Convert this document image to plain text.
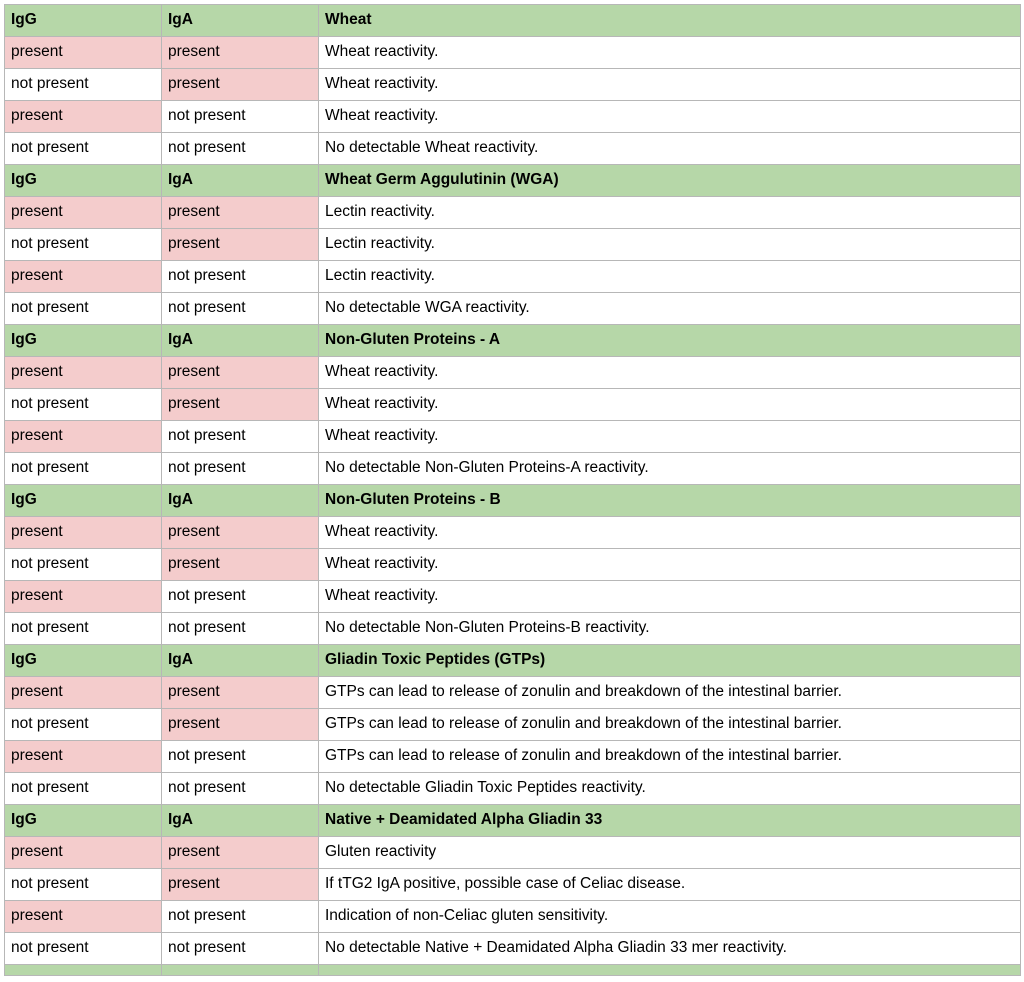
IgG	IgA	Wheat
present	present	Wheat reactivity.
not present	present	Wheat reactivity.
present	not present	Wheat reactivity.
not present	not present	No detectable Wheat reactivity.
IgG	IgA	Wheat Germ Aggulutinin (WGA)
present	present	Lectin reactivity.
not present	present	Lectin reactivity.
present	not present	Lectin reactivity.
not present	not present	No detectable WGA reactivity.
IgG	IgA	Non-Gluten Proteins - A
present	present	Wheat reactivity.
not present	present	Wheat reactivity.
present	not present	Wheat reactivity.
not present	not present	No detectable Non-Gluten Proteins-A reactivity.
IgG	IgA	Non-Gluten Proteins - B
present	present	Wheat reactivity.
not present	present	Wheat reactivity.
present	not present	Wheat reactivity.
not present	not present	No detectable Non-Gluten Proteins-B reactivity.
IgG	IgA	Gliadin Toxic Peptides (GTPs)
present	present	GTPs can lead to release of zonulin and breakdown of the intestinal barrier.
not present	present	GTPs can lead to release of zonulin and breakdown of the intestinal barrier.
present	not present	GTPs can lead to release of zonulin and breakdown of the intestinal barrier.
not present	not present	No detectable Gliadin Toxic Peptides reactivity.
IgG	IgA	Native + Deamidated Alpha Gliadin 33
present	present	Gluten reactivity
not present	present	If tTG2 IgA positive, possible case of Celiac disease.
present	not present	Indication of non-Celiac gluten sensitivity.
not present	not present	No detectable Native + Deamidated Alpha Gliadin 33 mer reactivity.
